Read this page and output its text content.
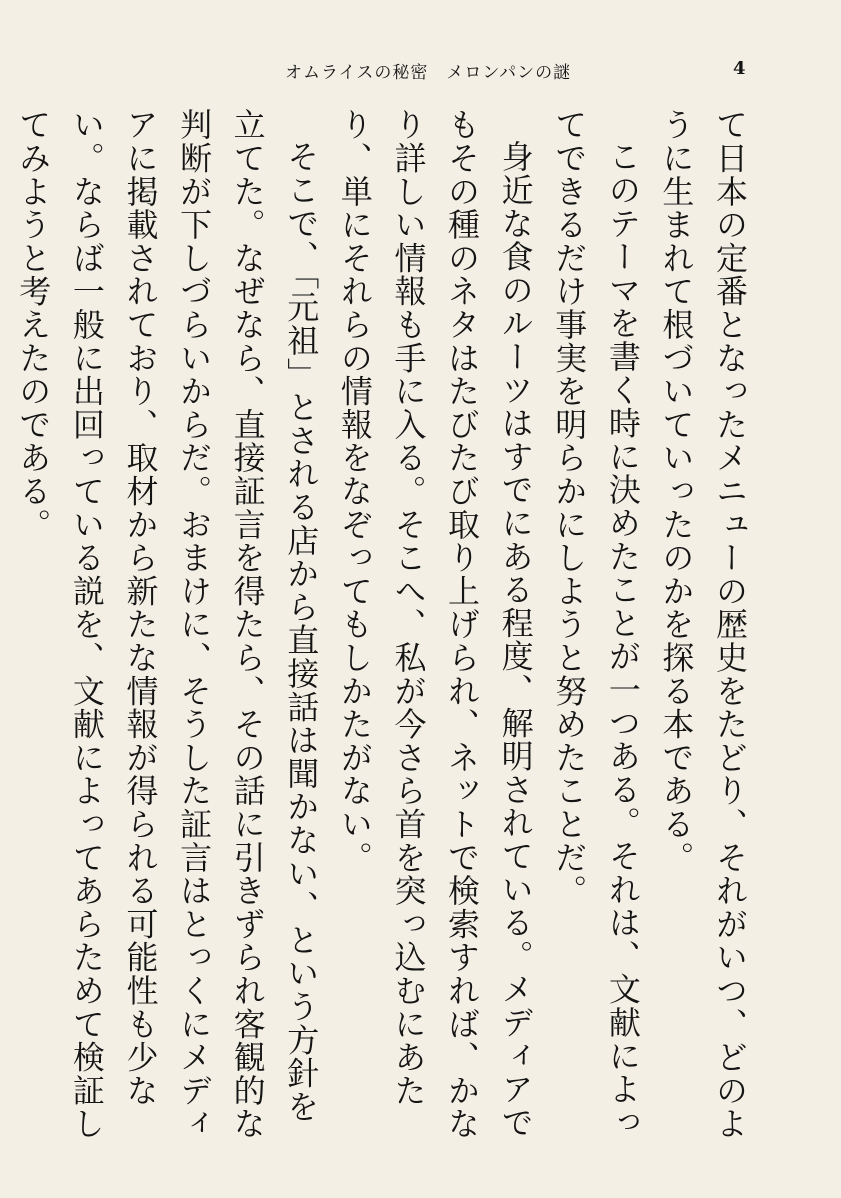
オムライスの秘密　メロンパンの謎	4

て日本の定番となったメニューの歴史をたどり、それがいつ、どのように生まれて根づいていったのかを探る本である。

このテーマを書く時に決めたことが一つある。それは、文献によってできるだけ事実を明らかにしようと努めたことだ。

身近な食のルーツはすでにある程度、解明されている。メディアでもその種のネタはたびたび取り上げられ、ネットで検索すれば、かなり詳しい情報も手に入る。そこへ、私が今さら首を突っ込むにあたり、単にそれらの情報をなぞってもしかたがない。

そこで、「元祖」とされる店から直接話は聞かない、という方針を立てた。なぜなら、直接証言を得たら、その話に引きずられ客観的な判断が下しづらいからだ。おまけに、そうした証言はとっくにメディアに掲載されており、取材から新たな情報が得られる可能性も少ない。ならば一般に出回っている説を、文献によってあらためて検証してみようと考えたのである。
